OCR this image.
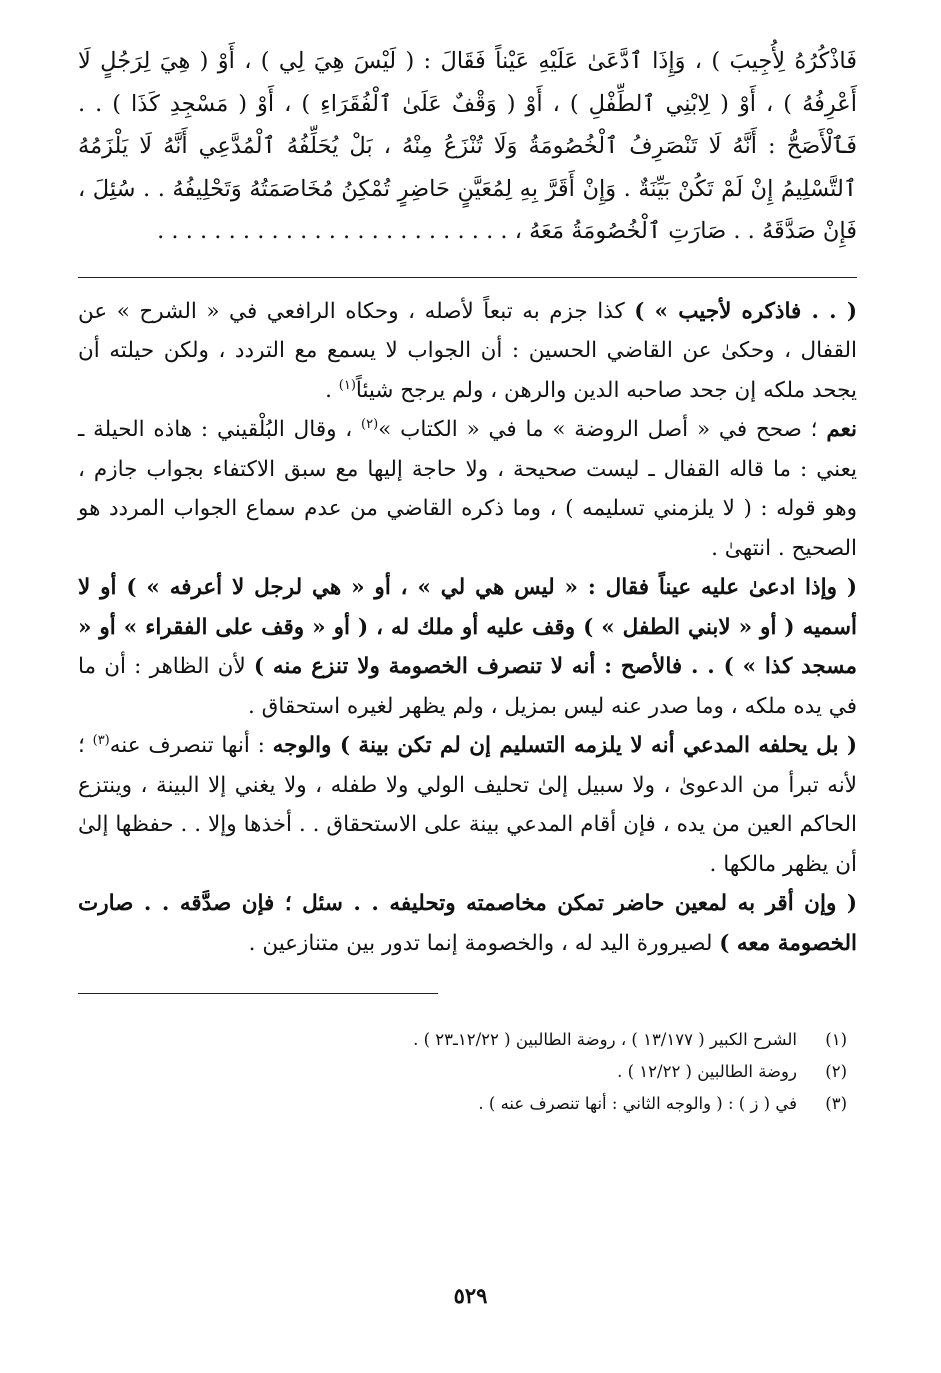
فَاذْكُرُهُ لِأُجِيبَ ) ، وَإِذَا ٱدَّعَىٰ عَلَيْهِ عَيْناً فَقَالَ : ( لَيْسَ هِيَ لِي ) ، أَوْ ( هِيَ لِرَجُلٍ لَا أَعْرِفُهُ ) ، أَوْ ( لِابْنِي ٱلطِّفْلِ ) ، أَوْ ( وَقْفٌ عَلَىٰ ٱلْفُقَرَاءِ ) ، أَوْ ( مَسْجِدِ كَذَا ) . . فَٱلْأَصَحُّ : أَنَّهُ لَا تَنْصَرِفُ ٱلْخُصُومَةُ وَلَا تُنْزَعُ مِنْهُ ، بَلْ يُحَلِّفُهُ ٱلْمُدَّعِي أَنَّهُ لَا يَلْزَمُهُ ٱلتَّسْلِيمُ إِنْ لَمْ تَكُنْ بَيِّنَةٌ . وَإِنْ أَقَرَّ بِهِ لِمُعَيَّنٍ حَاضِرٍ تُمْكِنُ مُخَاصَمَتُهُ وَتَحْلِيفُهُ . . سُئِلَ ، فَإِنْ صَدَّقَهُ . . صَارَتِ ٱلْخُصُومَةُ مَعَهُ ، . . . . . . . . . . . . . . . . . . . . . . . . .

( . . فاذكره لأجيب » ) كذا جزم به تبعاً لأصله ، وحكاه الرافعي في « الشرح » عن القفال ، وحكىٰ عن القاضي الحسين : أن الجواب لا يسمع مع التردد ، ولكن حيلته أن يجحد ملكه إن جحد صاحبه الدين والرهن ، ولم يرجح شيئاً$^{(١)}$ .

نعم ؛ صحح في « أصل الروضة » ما في « الكتاب »$^{(٢)}$ ، وقال البُلْقيني : هاذه الحيلة ـ يعني : ما قاله القفال ـ ليست صحيحة ، ولا حاجة إليها مع سبق الاكتفاء بجواب جازم ، وهو قوله : ( لا يلزمني تسليمه ) ، وما ذكره القاضي من عدم سماع الجواب المردد هو الصحيح . انتهىٰ .

( وإذا ادعىٰ عليه عيناً فقال : « ليس هي لي » ، أو « هي لرجل لا أعرفه » ) أو لا أسميه ( أو « لابني الطفل » ) وقف عليه أو ملك له ، ( أو « وقف على الفقراء » أو « مسجد كذا » ) . . فالأصح : أنه لا تنصرف الخصومة ولا تنزع منه ) لأن الظاهر : أن ما في يده ملكه ، وما صدر عنه ليس بمزيل ، ولم يظهر لغيره استحقاق .

( بل يحلفه المدعي أنه لا يلزمه التسليم إن لم تكن بينة ) والوجه : أنها تنصرف عنه$^{(٣)}$ ؛ لأنه تبرأ من الدعوىٰ ، ولا سبيل إلىٰ تحليف الولي ولا طفله ، ولا يغني إلا البينة ، وينتزع الحاكم العين من يده ، فإن أقام المدعي بينة على الاستحقاق . . أخذها وإلا . . حفظها إلىٰ أن يظهر مالكها .

( وإن أقر به لمعين حاضر تمكن مخاصمته وتحليفه . . سئل ؛ فإن صدَّقه . . صارت الخصومة معه ) لصيرورة اليد له ، والخصومة إنما تدور بين متنازعين .

(١)
الشرح الكبير ( ١٣/١٧٧ ) ، روضة الطالبين ( ١٢/٢٢ـ٢٣ ) .

(٢)
روضة الطالبين ( ١٢/٢٢ ) .

(٣)
في ( ز ) : ( والوجه الثاني : أنها تنصرف عنه ) .

٥٢٩
